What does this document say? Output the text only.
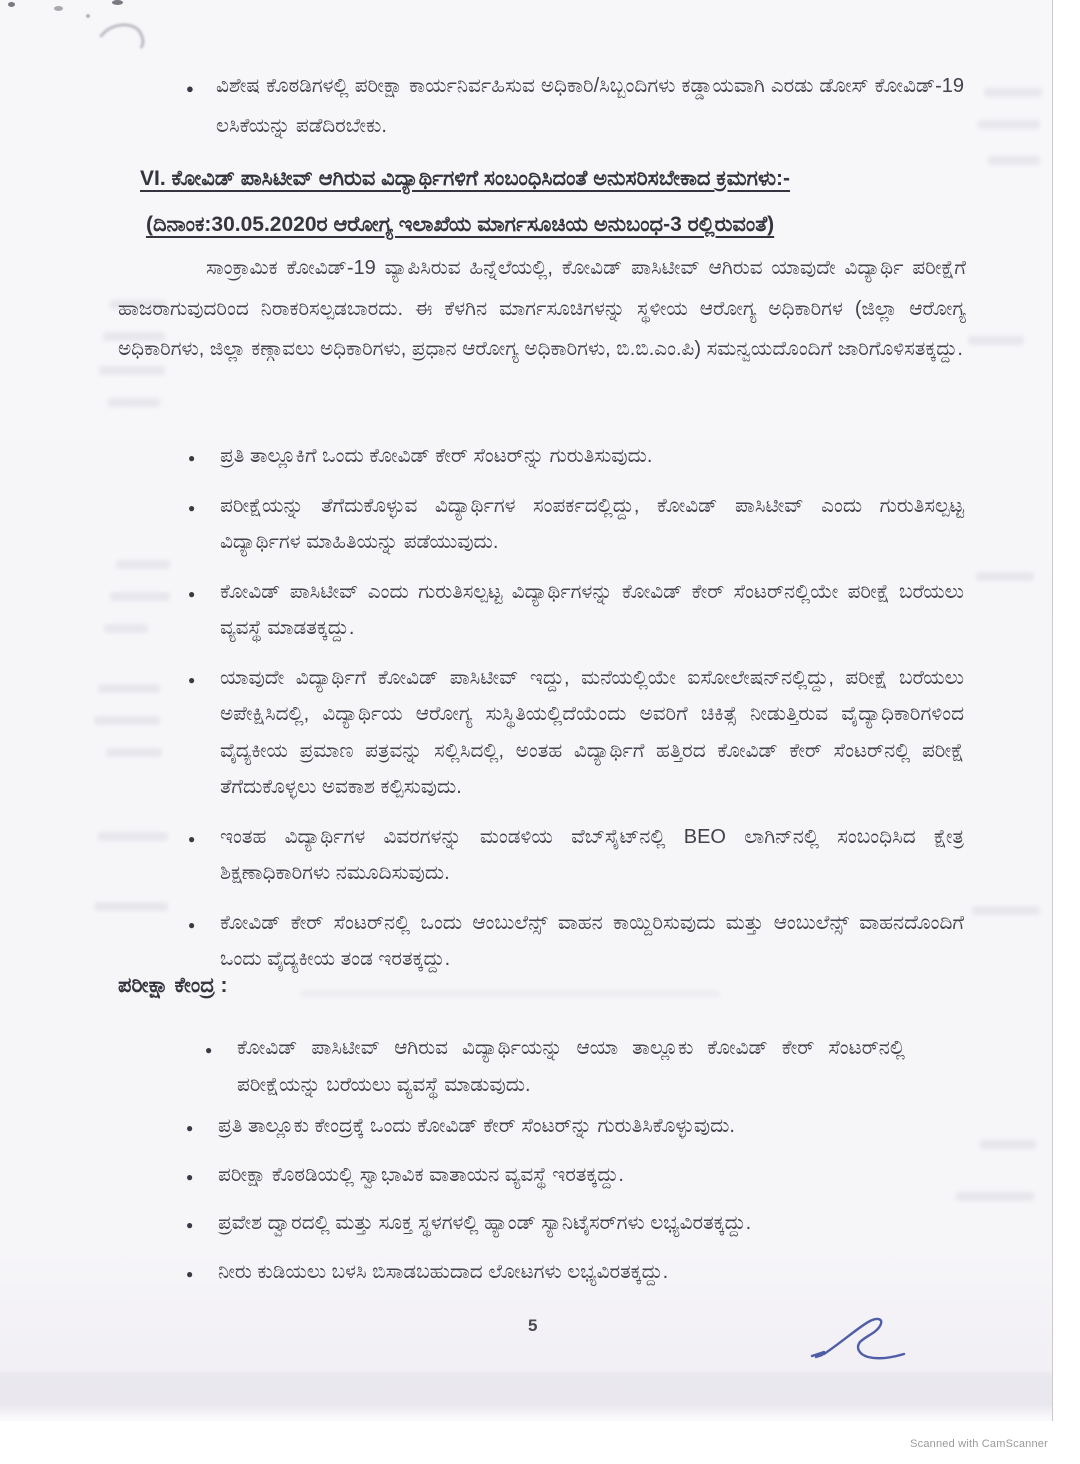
●	ವಿಶೇಷ ಕೊಠಡಿಗಳಲ್ಲಿ ಪರೀಕ್ಷಾ ಕಾರ್ಯನಿರ್ವಹಿಸುವ ಅಧಿಕಾರಿ/ಸಿಬ್ಬಂದಿಗಳು ಕಡ್ಡಾಯವಾಗಿ ಎರಡು ಡೋಸ್ ಕೋವಿಡ್-19 ಲಸಿಕೆಯನ್ನು ಪಡೆದಿರಬೇಕು.
VI. ಕೋವಿಡ್ ಪಾಸಿಟೀವ್ ಆಗಿರುವ ವಿದ್ಯಾರ್ಥಿಗಳಿಗೆ ಸಂಬಂಧಿಸಿದಂತೆ ಅನುಸರಿಸಬೇಕಾದ ಕ್ರಮಗಳು:-
(ದಿನಾಂಕ:30.05.2020ರ ಆರೋಗ್ಯ ಇಲಾಖೆಯ ಮಾರ್ಗಸೂಚಿಯ ಅನುಬಂಧ-3 ರಲ್ಲಿರುವಂತೆ)
ಸಾಂಕ್ರಾಮಿಕ ಕೋವಿಡ್-19 ವ್ಯಾಪಿಸಿರುವ ಹಿನ್ನೆಲೆಯಲ್ಲಿ, ಕೋವಿಡ್ ಪಾಸಿಟೀವ್ ಆಗಿರುವ ಯಾವುದೇ ವಿದ್ಯಾರ್ಥಿ ಪರೀಕ್ಷೆಗೆ ಹಾಜರಾಗುವುದರಿಂದ ನಿರಾಕರಿಸಲ್ಪಡಬಾರದು. ಈ ಕೆಳಗಿನ ಮಾರ್ಗಸೂಚಿಗಳನ್ನು ಸ್ಥಳೀಯ ಆರೋಗ್ಯ ಅಧಿಕಾರಿಗಳ (ಜಿಲ್ಲಾ ಆರೋಗ್ಯ ಅಧಿಕಾರಿಗಳು, ಜಿಲ್ಲಾ ಕಣ್ಗಾವಲು ಅಧಿಕಾರಿಗಳು, ಪ್ರಧಾನ ಆರೋಗ್ಯ ಅಧಿಕಾರಿಗಳು, ಬಿ.ಬಿ.ಎಂ.ಪಿ) ಸಮನ್ವಯದೊಂದಿಗೆ ಜಾರಿಗೊಳಿಸತಕ್ಕದ್ದು.
● ಪ್ರತಿ ತಾಲ್ಲೂಕಿಗೆ ಒಂದು ಕೋವಿಡ್ ಕೇರ್ ಸೆಂಟರ್‌ನ್ನು ಗುರುತಿಸುವುದು.
● ಪರೀಕ್ಷೆಯನ್ನು ತೆಗೆದುಕೊಳ್ಳುವ ವಿದ್ಯಾರ್ಥಿಗಳ ಸಂಪರ್ಕದಲ್ಲಿದ್ದು, ಕೋವಿಡ್ ಪಾಸಿಟೀವ್ ಎಂದು ಗುರುತಿಸಲ್ಪಟ್ಟ ವಿದ್ಯಾರ್ಥಿಗಳ ಮಾಹಿತಿಯನ್ನು ಪಡೆಯುವುದು.
● ಕೋವಿಡ್ ಪಾಸಿಟೀವ್ ಎಂದು ಗುರುತಿಸಲ್ಪಟ್ಟ ವಿದ್ಯಾರ್ಥಿಗಳನ್ನು ಕೋವಿಡ್ ಕೇರ್ ಸೆಂಟರ್‌ನಲ್ಲಿಯೇ ಪರೀಕ್ಷೆ ಬರೆಯಲು ವ್ಯವಸ್ಥೆ ಮಾಡತಕ್ಕದ್ದು.
● ಯಾವುದೇ ವಿದ್ಯಾರ್ಥಿಗೆ ಕೋವಿಡ್ ಪಾಸಿಟೀವ್ ಇದ್ದು, ಮನೆಯಲ್ಲಿಯೇ ಐಸೋಲೇಷನ್‌ನಲ್ಲಿದ್ದು, ಪರೀಕ್ಷೆ ಬರೆಯಲು ಅಪೇಕ್ಷಿಸಿದಲ್ಲಿ, ವಿದ್ಯಾರ್ಥಿಯ ಆರೋಗ್ಯ ಸುಸ್ಥಿತಿಯಲ್ಲಿದೆಯೆಂದು ಅವರಿಗೆ ಚಿಕಿತ್ಸೆ ನೀಡುತ್ತಿರುವ ವೈದ್ಯಾಧಿಕಾರಿಗಳಿಂದ ವೈದ್ಯಕೀಯ ಪ್ರಮಾಣ ಪತ್ರವನ್ನು ಸಲ್ಲಿಸಿದಲ್ಲಿ, ಅಂತಹ ವಿದ್ಯಾರ್ಥಿಗೆ ಹತ್ತಿರದ ಕೋವಿಡ್ ಕೇರ್ ಸೆಂಟರ್‌ನಲ್ಲಿ ಪರೀಕ್ಷೆ ತೆಗೆದುಕೊಳ್ಳಲು ಅವಕಾಶ ಕಲ್ಪಿಸುವುದು.
● ಇಂತಹ ವಿದ್ಯಾರ್ಥಿಗಳ ವಿವರಗಳನ್ನು ಮಂಡಳಿಯ ವೆಬ್‌ಸೈಟ್‌ನಲ್ಲಿ BEO ಲಾಗಿನ್‌ನಲ್ಲಿ ಸಂಬಂಧಿಸಿದ ಕ್ಷೇತ್ರ ಶಿಕ್ಷಣಾಧಿಕಾರಿಗಳು ನಮೂದಿಸುವುದು.
● ಕೋವಿಡ್ ಕೇರ್ ಸೆಂಟರ್‌ನಲ್ಲಿ ಒಂದು ಆಂಬುಲೆನ್ಸ್ ವಾಹನ ಕಾಯ್ದಿರಿಸುವುದು ಮತ್ತು ಆಂಬುಲೆನ್ಸ್ ವಾಹನದೊಂದಿಗೆ ಒಂದು ವೈದ್ಯಕೀಯ ತಂಡ ಇರತಕ್ಕದ್ದು.
ಪರೀಕ್ಷಾ ಕೇಂದ್ರ :
● ಕೋವಿಡ್ ಪಾಸಿಟೀವ್ ಆಗಿರುವ ವಿದ್ಯಾರ್ಥಿಯನ್ನು ಆಯಾ ತಾಲ್ಲೂಕು ಕೋವಿಡ್ ಕೇರ್ ಸೆಂಟರ್‌ನಲ್ಲಿ ಪರೀಕ್ಷೆಯನ್ನು ಬರೆಯಲು ವ್ಯವಸ್ಥೆ ಮಾಡುವುದು.
● ಪ್ರತಿ ತಾಲ್ಲೂಕು ಕೇಂದ್ರಕ್ಕೆ ಒಂದು ಕೋವಿಡ್ ಕೇರ್ ಸೆಂಟರ್‌ನ್ನು ಗುರುತಿಸಿಕೊಳ್ಳುವುದು.
● ಪರೀಕ್ಷಾ ಕೊಠಡಿಯಲ್ಲಿ ಸ್ವಾಭಾವಿಕ ವಾತಾಯನ ವ್ಯವಸ್ಥೆ ಇರತಕ್ಕದ್ದು.
● ಪ್ರವೇಶ ದ್ವಾರದಲ್ಲಿ ಮತ್ತು ಸೂಕ್ತ ಸ್ಥಳಗಳಲ್ಲಿ ಹ್ಯಾಂಡ್ ಸ್ಯಾನಿಟೈಸರ್‌ಗಳು ಲಭ್ಯವಿರತಕ್ಕದ್ದು.
● ನೀರು ಕುಡಿಯಲು ಬಳಸಿ ಬಿಸಾಡಬಹುದಾದ ಲೋಟಗಳು ಲಭ್ಯವಿರತಕ್ಕದ್ದು.
5
Scanned with CamScanner
